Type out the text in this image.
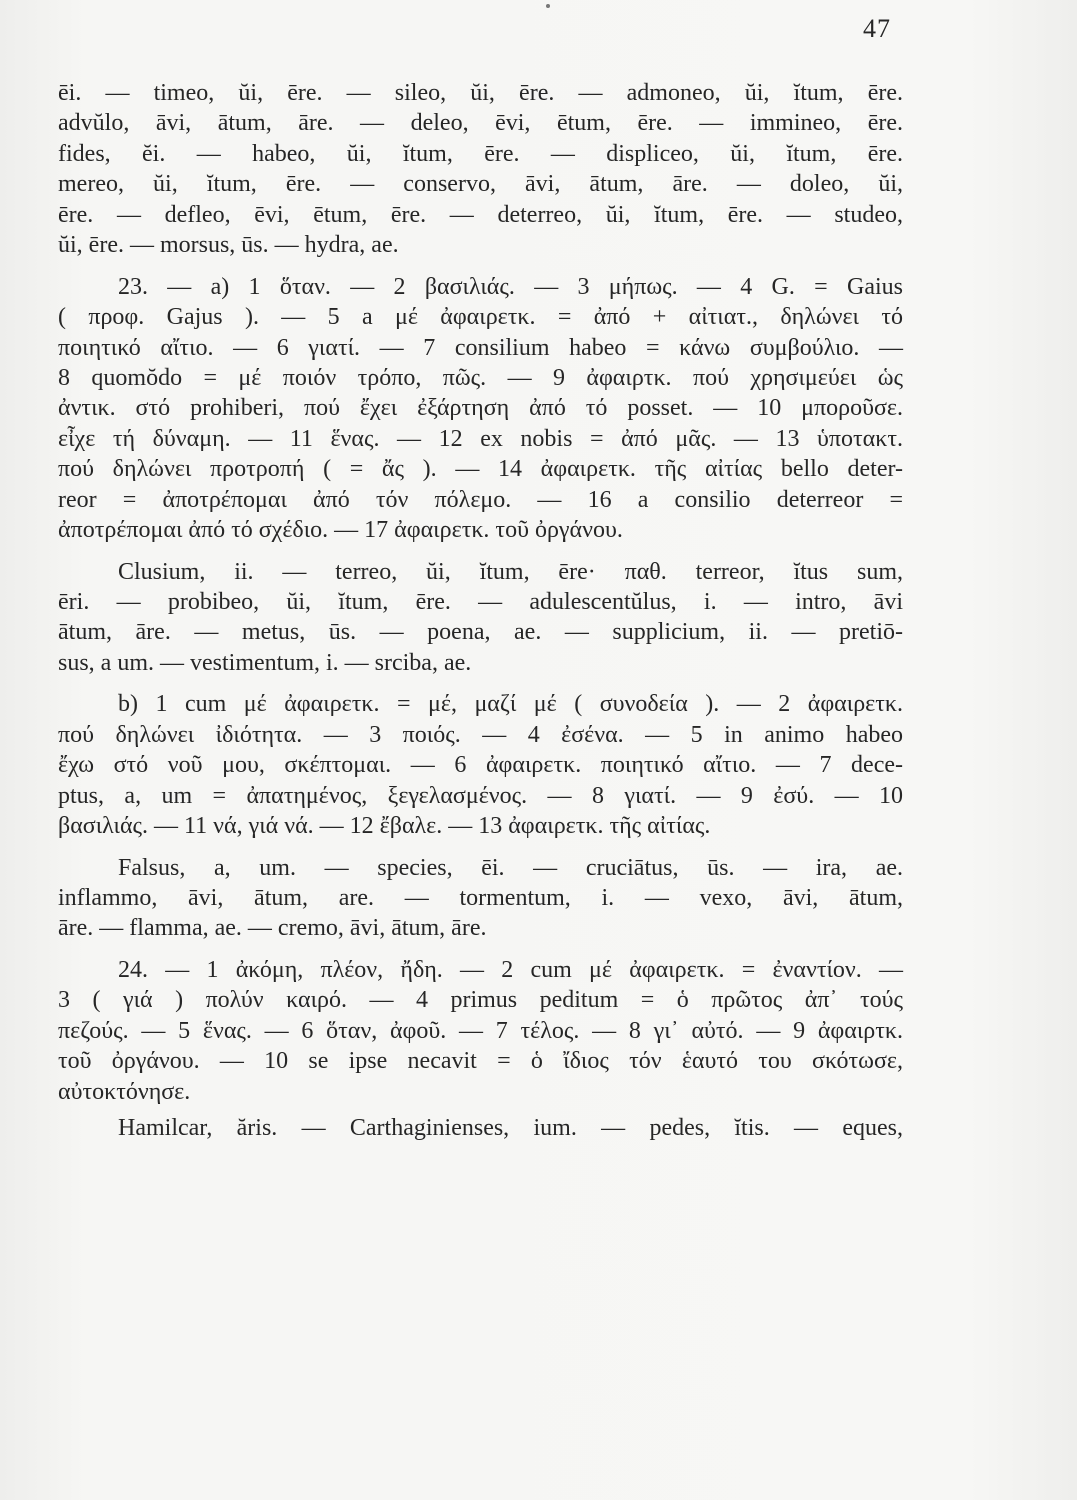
47
ēi. — timeo, ŭi, ēre. — sileo, ŭi, ēre. — admoneo, ŭi, ĭtum, ēre.
advŭlo, āvi, ātum, āre. — deleo, ēvi, ētum, ēre. — immineo, ēre.
fides, ĕi. — habeo, ŭi, ĭtum, ēre. — displiceo, ŭi, ĭtum, ēre.
mereo, ŭi, ĭtum, ēre. — conservo, āvi, ātum, āre. — doleo, ŭi,
ēre. — defleo, ēvi, ētum, ēre. — deterreo, ŭi, ĭtum, ēre. — studeo,
ŭi, ēre. — morsus, ūs. — hydra, ae.
23. — a) 1 ὅταν. — 2 βασιλιάς. — 3 μήπως. — 4 G. = Gaius
( προφ. Gajus ). — 5 a μέ ἀφαιρετκ. = ἀπό + αἰτιατ., δηλώνει τό
ποιητικό αἴτιο. — 6 γιατί. — 7 consilium habeo = κάνω συμβούλιο. —
8 quomŏdo = μέ ποιόν τρόπο, πῶς. — 9 ἀφαιρτκ. πού χρησιμεύει ὡς
ἀντικ. στό prohiberi, πού ἔχει ἐξάρτηση ἀπό τό posset. — 10 μποροῦσε.
εἶχε τή δύναμη. — 11 ἕνας. — 12 ex nobis = ἀπό μᾶς. — 13 ὑποτακτ.
πού δηλώνει προτροπή ( = ἄς ). — 14 ἀφαιρετκ. τῆς αἰτίας bello deter-
reor = ἀποτρέπομαι ἀπό τόν πόλεμο. — 16 a consilio deterreor =
ἀποτρέπομαι ἀπό τό σχέδιο. — 17 ἀφαιρετκ. τοῦ ὀργάνου.
Clusium, ii. — terreo, ŭi, ĭtum, ēre· παθ. terreor, ĭtus sum,
ēri. — probibeo, ŭi, ĭtum, ēre. — adulescentŭlus, i. — intro, āvi
ātum, āre. — metus, ūs. — poena, ae. — supplicium, ii. — pretiō-
sus, a um. — vestimentum, i. — srciba, ae.
b) 1 cum μέ ἀφαιρετκ. = μέ, μαζί μέ ( συνοδεία ). — 2 ἀφαιρετκ.
πού δηλώνει ἰδιότητα. — 3 ποιός. — 4 ἐσένα. — 5 in animo habeo
ἔχω στό νοῦ μου, σκέπτομαι. — 6 ἀφαιρετκ. ποιητικό αἴτιο. — 7 dece-
ptus, a, um = ἀπατημένος, ξεγελασμένος. — 8 γιατί. — 9 ἐσύ. — 10
βασιλιάς. — 11 νά, γιά νά. — 12 ἔβαλε. — 13 ἀφαιρετκ. τῆς αἰτίας.
Falsus, a, um. — species, ēi. — cruciātus, ūs. — ira, ae.
inflammo, āvi, ātum, are. — tormentum, i. — vexo, āvi, ātum,
āre. — flamma, ae. — cremo, āvi, ātum, āre.
24. — 1 ἀκόμη, πλέον, ἤδη. — 2 cum μέ ἀφαιρετκ. = ἐναντίον. —
3 ( γιά ) πολύν καιρό. — 4 primus peditum = ὁ πρῶτος ἀπ᾽ τούς
πεζούς. — 5 ἕνας. — 6 ὅταν, ἀφοῦ. — 7 τέλος. — 8 γι᾽ αὐτό. — 9 ἀφαιρτκ.
τοῦ ὀργάνου. — 10 se ipse necavit = ὁ ἴδιος τόν ἑαυτό του σκότωσε,
αὐτοκτόνησε.
Hamilcar, ăris. — Carthaginienses, ium. — pedes, ĭtis. — eques,
